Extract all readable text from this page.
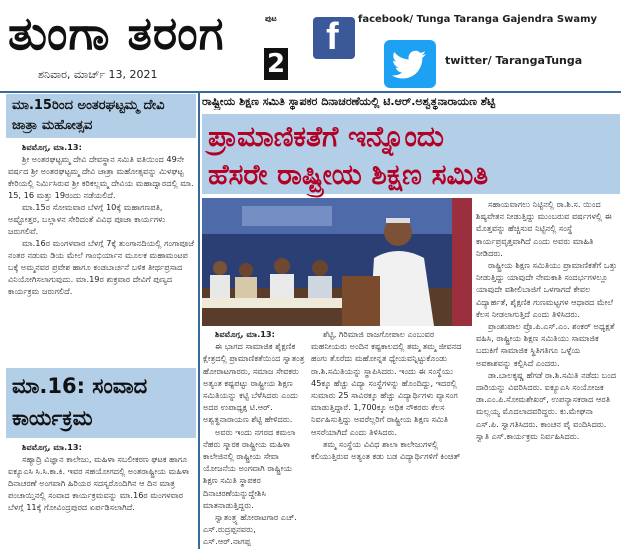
ತುಂಗಾ ತರಂಗ	ಪುಟ
2
ಶನಿವಾರ, ಮಾರ್ಚ್ 13, 2021
f facebook/ Tunga Taranga Gajendra Swamy
twitter/ TarangaTunga
ಮಾ.15ರಿಂದ ಅಂತರಘಟ್ಟಮ್ಮ ದೇವಿ ಜಾತ್ರಾ ಮಹೋತ್ಸವ

ಶಿವಮೊಗ್ಗ, ಮಾ.13:

ಶ್ರೀ ಅಂತರಘಟ್ಟಮ್ಮ ದೇವಿ ದೇವಸ್ಥಾನ ಸಮಿತಿ ವತಿಯಿಂದ 49ನೇ ವರ್ಷದ ಶ್ರೀ ಅಂತರಘಟ್ಟಮ್ಮ ದೇವಿ ಜಾತ್ರಾ ಮಹೋತ್ಸವನ್ನು ಮಿಳಘಟ್ಟ ಕೇರಿಯಲ್ಲಿ ನಿರ್ಮಿಸಿರುವ ಶ್ರೀ ಕರಿಕಲ್ಲಮ್ಮ ದೇವಿಯ ಮಹಾದ್ವಾರದಲ್ಲಿ ಮಾ. 15, 16 ಮತ್ತು 19ರಂದು ನಡೆಯಲಿದೆ.

ಮಾ.15ರ ಸೋಮವಾರ ಬೆಳಗ್ಗೆ 10ಕ್ಕೆ ಮಹಾಗಣಪತಿ, ಅಷ್ಟೋತ್ತರ, ಬಲ್ಲಾಳನ ಸೇರಿದಂತೆ ವಿವಿಧ ಪೂಜಾ ಕಾರ್ಯಗಳು ಜರುಗಲಿವೆ.

ಮಾ.16ರ ಮಂಗಳವಾರ ಬೆಳಗ್ಗೆ 7ಕ್ಕೆ ತುಂಗಾನದಿಯಲ್ಲಿ ಗಂಗಾಪೂಜೆ ನಂತರ ನಡುಮ ಡಿಯ ಮೇಲೆ ಗಾಂಭಿರ್ಯಾನ ಮೂಲಕ ಮಹಾಮಂಟಪ ಬಕ್ಕೆ ಅಮ್ಮನವರ ಪ್ರವೇಶ ಹಾಗೂ ಕಂಡಬಾರ್ಚನೆ ಬಳಿಕ ತೀರ್ಥಪ್ರಸಾದ ವಿನಿಯೋಗಿಸಲಾಗುವುದು. ಮಾ.19ರ ಶುಕ್ರವಾರ ದೇವಿಗೆ ಪುಣ್ಯದ ಕಾರ್ಯಕ್ರಮ ಜರುಗಲಿದೆ.

ಮಾ.16: ಸಂವಾದ ಕಾರ್ಯಕ್ರಮ

ಶಿವಮೊಗ್ಗ, ಮಾ.13:

ಸಹ್ಯಾದ್ರಿ ವಿಜ್ಞಾನ ಕಾಲೇಜು, ಮಹಿಳಾ ಸಬಲೀಕರಣ ಘಟಕ ಹಾಗೂ ಐಕ್ಯೂಎಸಿ ಸಿ.ಸಿ.ಕಾ.ಕಿ. ಇವರ ಸಹಯೋಗದಲ್ಲಿ ಅಂತರಾಷ್ಟ್ರೀಯ ಮಹಿಳಾ ದಿನಾಚರಣೆ ಅಂಗವಾಗಿ ಹಿರಿಯರ ಸದಸ್ಯರೊಂದಿಗಿನ ಆ ದಿನ ಮಾತ್ರ ಪಂಚಾಯ್ತಿನಲ್ಲಿ ಸಂವಾದ ಕಾರ್ಯಕ್ರಮವನ್ನು ಮಾ.16ರ ಮಂಗಳವಾರ ಬೆಳಗ್ಗೆ 11ಕ್ಕೆ ಗೋವಿಂದ್ರಪುರದ ಏರ್ಪಡಿಸಲಾಗಿದೆ.

ರಾಷ್ಟ್ರೀಯ ಶಿಕ್ಷಣ ಸಮಿತಿ ಸ್ಥಾಪಕರ ದಿನಾಚರಣೆಯಲ್ಲಿ ಟಿ.ಆರ್.ಅಶ್ವತ್ಥನಾರಾಯಣ ಶೆಟ್ಟಿ
ಪ್ರಾಮಾಣಿಕತೆಗೆ ಇನ್ನೊಂದು
ಹೆಸರೇ ರಾಷ್ಟ್ರೀಯ ಶಿಕ್ಷಣ ಸಮಿತಿ

ಶಿವಮೊಗ್ಗ, ಮಾ.13:

ಈ ಭಾಗದ ಸಾಮಾಜಿಕ ಶೈಕ್ಷಣಿಕ ಕ್ಷೇತ್ರದಲ್ಲಿ ಪ್ರಾಮಾಣಿಕತೆಯಿಂದ ಸ್ವಾತಂತ್ರ ಹೋರಾಟಗಾರರು, ಸಮಾಜ ಸೇವಕರು ಅತ್ಯಂತ ಕಷ್ಟಪಟ್ಟು ರಾಷ್ಟ್ರೀಯ ಶಿಕ್ಷಣ ಸಮಿತಿಯನ್ನು ಕಟ್ಟಿ ಬೆಳೆಸಿದರು ಎಂದು ಅದರ ಉಪಾಧ್ಯಕ್ಷ ಟಿ.ಆರ್. ಅಶ್ವತ್ಥನಾರಾಯಣ ಶೆಟ್ಟಿ ಹೇಳಿದರು.

ಅವರು ಇಂದು ನಗರದ ಕಮಲಾ ನೆಹರು ಸ್ಮಾರಕ ರಾಷ್ಟ್ರೀಯ ಮಹಿಳಾ ಕಾಲೇಜಿನಲ್ಲಿ ರಾಷ್ಟ್ರೀಯ ಸೇವಾ ಯೋಜನೆಯ ಅಂಗವಾಗಿ ರಾಷ್ಟ್ರೀಯ ಶಿಕ್ಷಣ ಸಮಿತಿ ಸ್ಥಾಪಕರ ದಿನಾಚರಣೆಯನ್ನುದ್ದೇಶಿಸಿ ಮಾತನಾಡುತ್ತಿದ್ದರು.

ಸ್ವಾತಂತ್ರ್ಯ ಹೋರಾಟಗಾರ ಎಚ್. ಎಸ್.ರುದ್ರಪ್ಪನವರು, ಎಸ್.ಆರ್.ನಾಗಪ್ಪ

ಶೆಟ್ಟಿ, ಗಿರಿಮಾಜಿ ರಾಜಗೋಪಾಲ ಎಂಬುವರ ಮಹನೀಯರು ಅಂದಿನ ಕಷ್ಟಕಾಲದಲ್ಲಿ ತಮ್ಮ ತಮ್ಮ ಜೀವನದ ಹಂಗು ತೊರೆದು ಮಹೋನ್ನತ ಧ್ಯೇಯವನ್ನಿಟ್ಟುಕೊಂಡು ರಾ.ಶಿ.ಸಮಿತಿಯನ್ನು ಸ್ಥಾಪಿಸಿದರು. ಇಂದು ಈ ಸಂಸ್ಥೆಯು 45ಕ್ಕೂ ಹೆಚ್ಚು ವಿದ್ಯಾ ಸಂಸ್ಥೆಗಳನ್ನು ಹೊಂದಿದ್ದು, ಇದರಲ್ಲಿ ಸುಮಾರು 25 ಸಾವಿರಕ್ಕೂ ಹೆಚ್ಚು ವಿದ್ಯಾರ್ಥಿಗಳು ವ್ಯಾಸಂಗ ಮಾಡುತ್ತಿದ್ದಾರೆ. 1,700ಕ್ಕೂ ಅಧಿಕ ನೌಕರರು ಕೆಲಸ ನಿರ್ವಹಿಸುತ್ತಿದ್ದು ಅವರೆಲ್ಲರಿಗೆ ರಾಷ್ಟ್ರೀಯ ಶಿಕ್ಷಣ ಸಮಿತಿ ಆಸರೆಯಾಗಿದೆ ಎಂದು ತಿಳಿಸಿದರು.

ತಮ್ಮ ಸಂಸ್ಥೆಯ ವಿವಿಧ ಶಾಲಾ ಕಾಲೇಜುಗಳಲ್ಲಿ ಕಲಿಯುತ್ತಿರುವ ಅತ್ಯಂತ ಕಡು ಬಡ ವಿದ್ಯಾರ್ಥಿಗಳಿಗೆ ಕಿಂಚಿತ್

ಸಹಾಯವಾಗಲು ನಿಟ್ಟಿನಲ್ಲಿ ರಾ.ಶಿ.ಸ. ಯಿಂದ ಶಿಷ್ಯವೇತನ ನೀಡುತ್ತಿದ್ದು ಮುಂಬರುವ ವರ್ಷಗಳಲ್ಲಿ ಈ ಮೊತ್ತವನ್ನು ಹೆಚ್ಚಿಸುವ ನಿಟ್ಟಿನಲ್ಲಿ ಸಂಸ್ಥೆ ಕಾರ್ಯಪ್ರವೃತ್ತವಾಗಿದೆ ಎಂದು ಅವರು ಮಾಹಿತಿ ನೀಡಿದರು.

ರಾಷ್ಟ್ರೀಯ ಶಿಕ್ಷಣ ಸಮಿತಿಯು ಪ್ರಾಮಾಣಿಕತೆಗೆ ಒತ್ತು ನೀಡುತ್ತಿದ್ದು ಯಾವುದೇ ನೇಮಕಾತಿ ಸಂದರ್ಭಗಳಲ್ಲೂ ಯಾವುದೇ ವಶೀಲಿಬಾಜಿಗೆ ಒಳಗಾಗದೆ ಕೇವಲ ವಿದ್ಯಾರ್ಹತೆ, ಶೈಕ್ಷಣಿಕ ಗುಣಮಟ್ಟಗಳ ಆಧಾರದ ಮೇಲೆ ಕೆಲಸ ನೀಡಲಾಗುತ್ತಿದೆ ಎಂದು ತಿಳಿಸಿದರು.

ಪ್ರಾಂಶುಪಾಲ ಪ್ರೊ.ಪಿ.ಎಸ್.ಎಂ. ಶಂಕರ್ ಅಧ್ಯಕ್ಷತೆ ವಹಿಸಿ, ರಾಷ್ಟ್ರೀಯ ಶಿಕ್ಷಣ ಸಮಿತಿಯು ಸಾಮಾಜಿಕ ಬದುಕಿಗೆ ಸಾಮಾಜಿಕ ಸ್ಥಿತಿಗತಿಗೂ ಒಳ್ಳೆಯ ಅವಕಾಶವನ್ನು ಕಲ್ಪಿಸಿದೆ ಎಂದರು.

ಡಾ.ಬಾಲಕೃಷ್ಣ ಹೆಗಡೆ ರಾ.ಶಿ.ಸಮಿತಿ ನಡೆದು ಬಂದ ದಾರಿಯನ್ನು ವಿವರಿಸಿದರು. ಐಕ್ಯೂಎಸಿ ಸಂಯೋಜಕ ಡಾ.ಎಂ.ಪಿ.ಸೋಮಶೇಖರ್, ಉಪನ್ಯಾಸಕರಾದ ಆರತಿ ಮಲ್ಲಯ್ಯ ಮೊದಲಾದವರಿದ್ದರು. ಕು.ಮೇಘನಾ ಎಸ್.ಪಿ. ಸ್ವಾಗತಿಸಿದರು. ಕಾಂಚನ ಪೈ ವಂದಿಸಿದರು. ಸ್ವಾತಿ ಎಸ್.ಕಾರ್ಯಕ್ರಮ ನಿರ್ವಹಿಸಿದರು.
